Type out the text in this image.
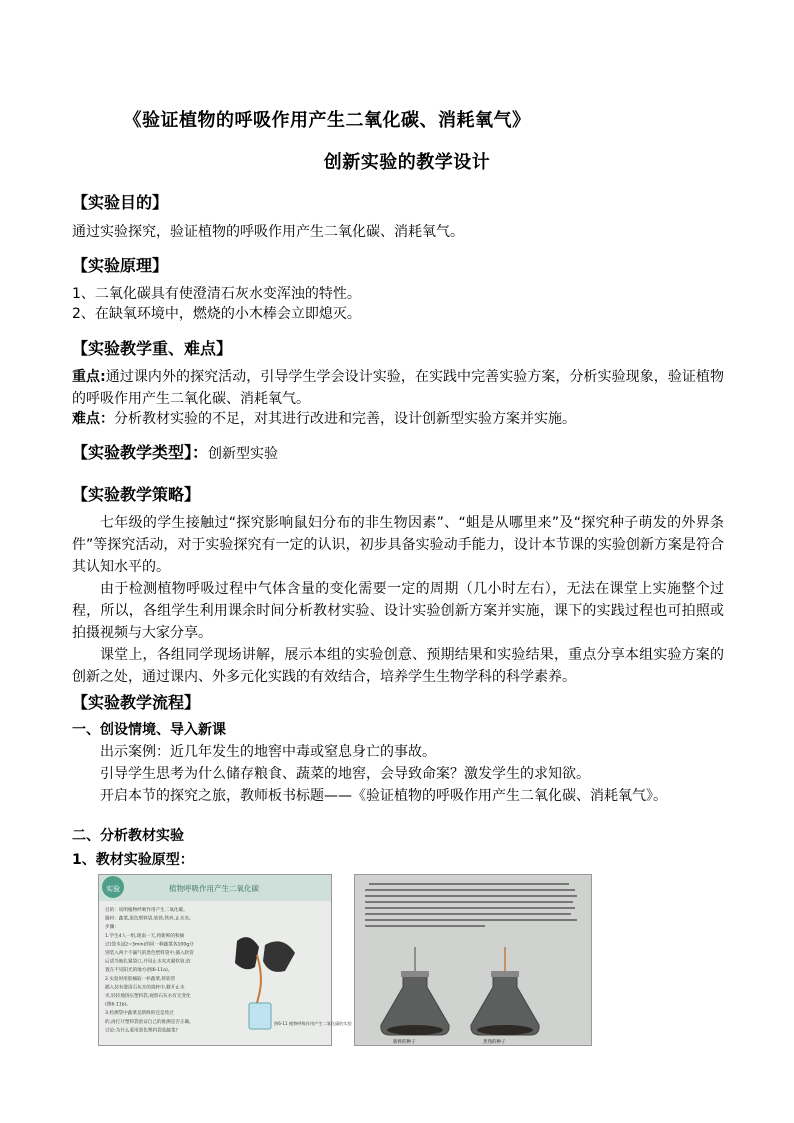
《验证植物的呼吸作用产生二氧化碳、消耗氧气》
创新实验的教学设计
【实验目的】
通过实验探究，验证植物的呼吸作用产生二氧化碳、消耗氧气。
【实验原理】
1、二氧化碳具有使澄清石灰水变浑浊的特性。
2、在缺氧环境中，燃烧的小木棒会立即熄灭。
【实验教学重、难点】
重点:通过课内外的探究活动，引导学生学会设计实验，在实践中完善实验方案，分析实验现象，验证植物的呼吸作用产生二氧化碳、消耗氧气。
难点：分析教材实验的不足，对其进行改进和完善，设计创新型实验方案并实施。
【实验教学类型】：创新型实验
【实验教学策略】
七年级的学生接触过“探究影响鼠妇分布的非生物因素”、“蛆是从哪里来”及“探究种子萌发的外界条件”等探究活动，对于实验探究有一定的认识，初步具备实验动手能力，设计本节课的实验创新方案是符合其认知水平的。
由于检测植物呼吸过程中气体含量的变化需要一定的周期（几小时左右），无法在课堂上实施整个过程，所以，各组学生利用课余时间分析教材实验、设计实验创新方案并实施，课下的实践过程也可拍照或拍摄视频与大家分享。
课堂上，各组同学现场讲解，展示本组的实验创意、预期结果和实验结果，重点分享本组实验方案的创新之处，通过课内、外多元化实践的有效结合，培养学生生物学科的科学素养。
【实验教学流程】
一、创设情境、导入新课
出示案例：近几年发生的地窖中毒或窒息身亡的事故。
引导学生思考为什么储存粮食、蔬菜的地窖，会导致命案？激发学生的求知欲。
开启本节的探究之旅，教师板书标题——《验证植物的呼吸作用产生二氧化碳、消耗氧气》。
二、分析教材实验
1、教材实验原型：
实验	植物呼吸作用产生二氧化碳
目的：说明植物呼吸作用产生二氧化碳。
器材：蔬菜,黑色塑料袋,软管,铁丝,止水夹。
步骤：
1.学生4人一组,现南一天,将新鲜的和摘
过(烫水浸2~3min)的同一种蔬菜各100g分
别装入两个不漏气的黑色塑料袋中,插入软管
后适当地扎紧袋口,并用止水夹夹紧软管,放
置在不见阳光的地方(图6-11a)。
2.实验时用胶桶取一杯蔬菜,将软管
插入装有澄清石灰水的烧杯中,移开止水
夹,轻轻地挤压塑料袋,观察石灰水有无变化
(图6-11b)。
3.检测袋中蔬菜是新鲜的还是烫过
的,再打开塑料袋验证自己的推测是否正确。
讨论:为什么要用黑色塑料袋装蔬菜?
图6-11 植物呼吸作用产生二氧化碳的实验
新鲜的种子	煮熟的种子
